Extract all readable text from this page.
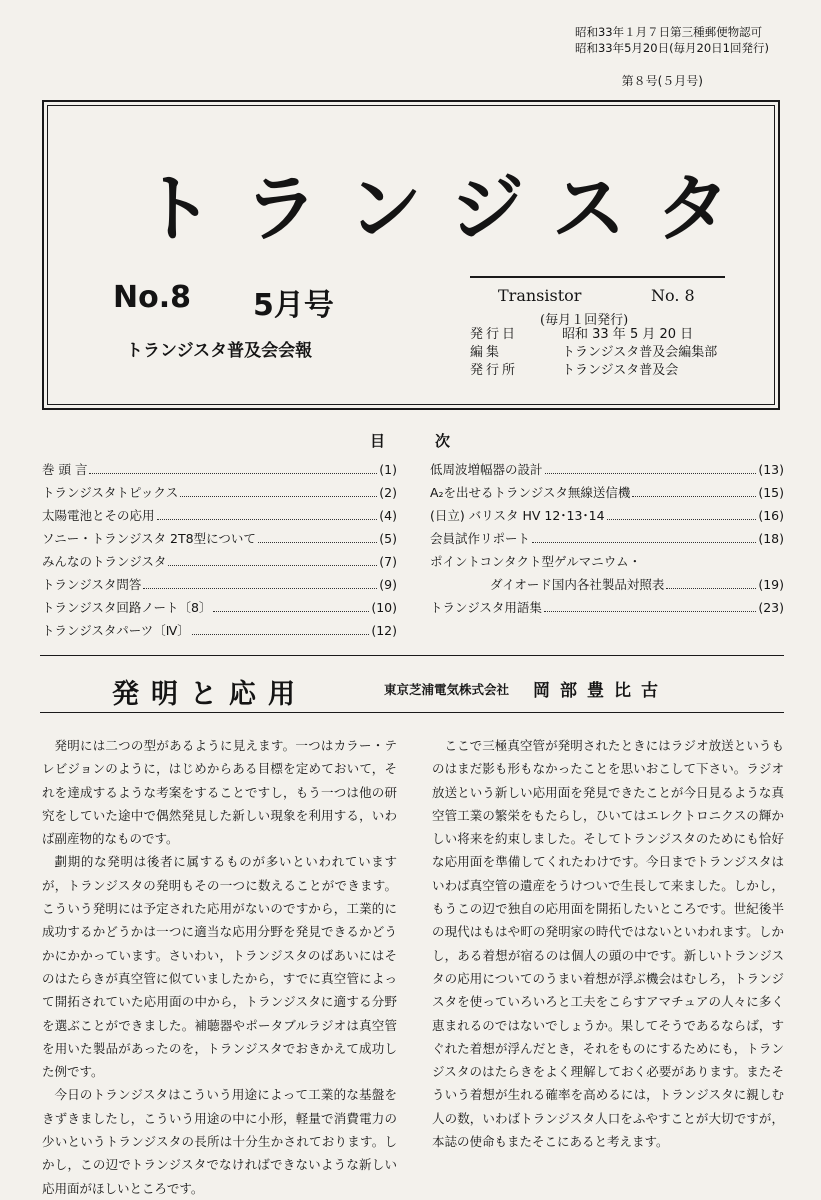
昭和33年１月７日第三種郵便物認可
昭和33年5月20日(毎月20日1回発行)
第８号(５月号)
トランジスタ
No.8 5月号
トランジスタ普及会会報
Transistor	No. 8
(毎月１回発行)
発行日	昭和 33 年 5 月 20 日
編集	トランジスタ普及会編集部
発行所	トランジスタ普及会
目次
巻 頭 言	(1)
トランジスタトピックス	(2)
太陽電池とその応用	(4)
ソニー・トランジスタ 2T8型について	(5)
みんなのトランジスタ	(7)
トランジスタ問答	(9)
トランジスタ回路ノート〔8〕	(10)
トランジスタパーツ〔Ⅳ〕	(12)
低周波増幅器の設計	(13)
A₂を出せるトランジスタ無線送信機	(15)
(日立) バリスタ HV 12･13･14	(16)
会員試作リポート	(18)
ポイントコンタクト型ゲルマニウム・
ダイオード国内各社製品対照表	(19)
トランジスタ用語集	(23)
発明と応用	東京芝浦電気株式会社 岡部豊比古

発明には二つの型があるように見えます。一つはカラー・テレビジョンのように，はじめからある目標を定めておいて，それを達成するような考案をすることですし，もう一つは他の研究をしていた途中で偶然発見した新しい現象を利用する，いわば副産物的なものです。

劃期的な発明は後者に属するものが多いといわれていますが，トランジスタの発明もその一つに数えることができます。こういう発明には予定された応用がないのですから，工業的に成功するかどうかは一つに適当な応用分野を発見できるかどうかにかかっています。さいわい，トランジスタのばあいにはそのはたらきが真空管に似ていましたから，すでに真空管によって開拓されていた応用面の中から，トランジスタに適する分野を選ぶことができました。補聴器やポータブルラジオは真空管を用いた製品があったのを，トランジスタでおきかえて成功した例です。

今日のトランジスタはこういう用途によって工業的な基盤をきずきましたし，こういう用途の中に小形，軽量で消費電力の少いというトランジスタの長所は十分生かされております。しかし，この辺でトランジスタでなければできないような新しい応用面がほしいところです。

ここで三極真空管が発明されたときにはラジオ放送というものはまだ影も形もなかったことを思いおこして下さい。ラジオ放送という新しい応用面を発見できたことが今日見るような真空管工業の繁栄をもたらし，ひいてはエレクトロニクスの輝かしい将来を約束しました。そしてトランジスタのためにも恰好な応用面を準備してくれたわけです。今日までトランジスタはいわば真空管の遺産をうけついで生長して来ました。しかし，もうこの辺で独自の応用面を開拓したいところです。世紀後半の現代はもはや町の発明家の時代ではないといわれます。しかし，ある着想が宿るのは個人の頭の中です。新しいトランジスタの応用についてのうまい着想が浮ぶ機会はむしろ，トランジスタを使っていろいろと工夫をこらすアマチュアの人々に多く恵まれるのではないでしょうか。果してそうであるならば，すぐれた着想が浮んだとき，それをものにするためにも，トランジスタのはたらきをよく理解しておく必要があります。またそういう着想が生れる確率を高めるには，トランジスタに親しむ人の数，いわばトランジスタ人口をふやすことが大切ですが，本誌の使命もまたそこにあると考えます。
